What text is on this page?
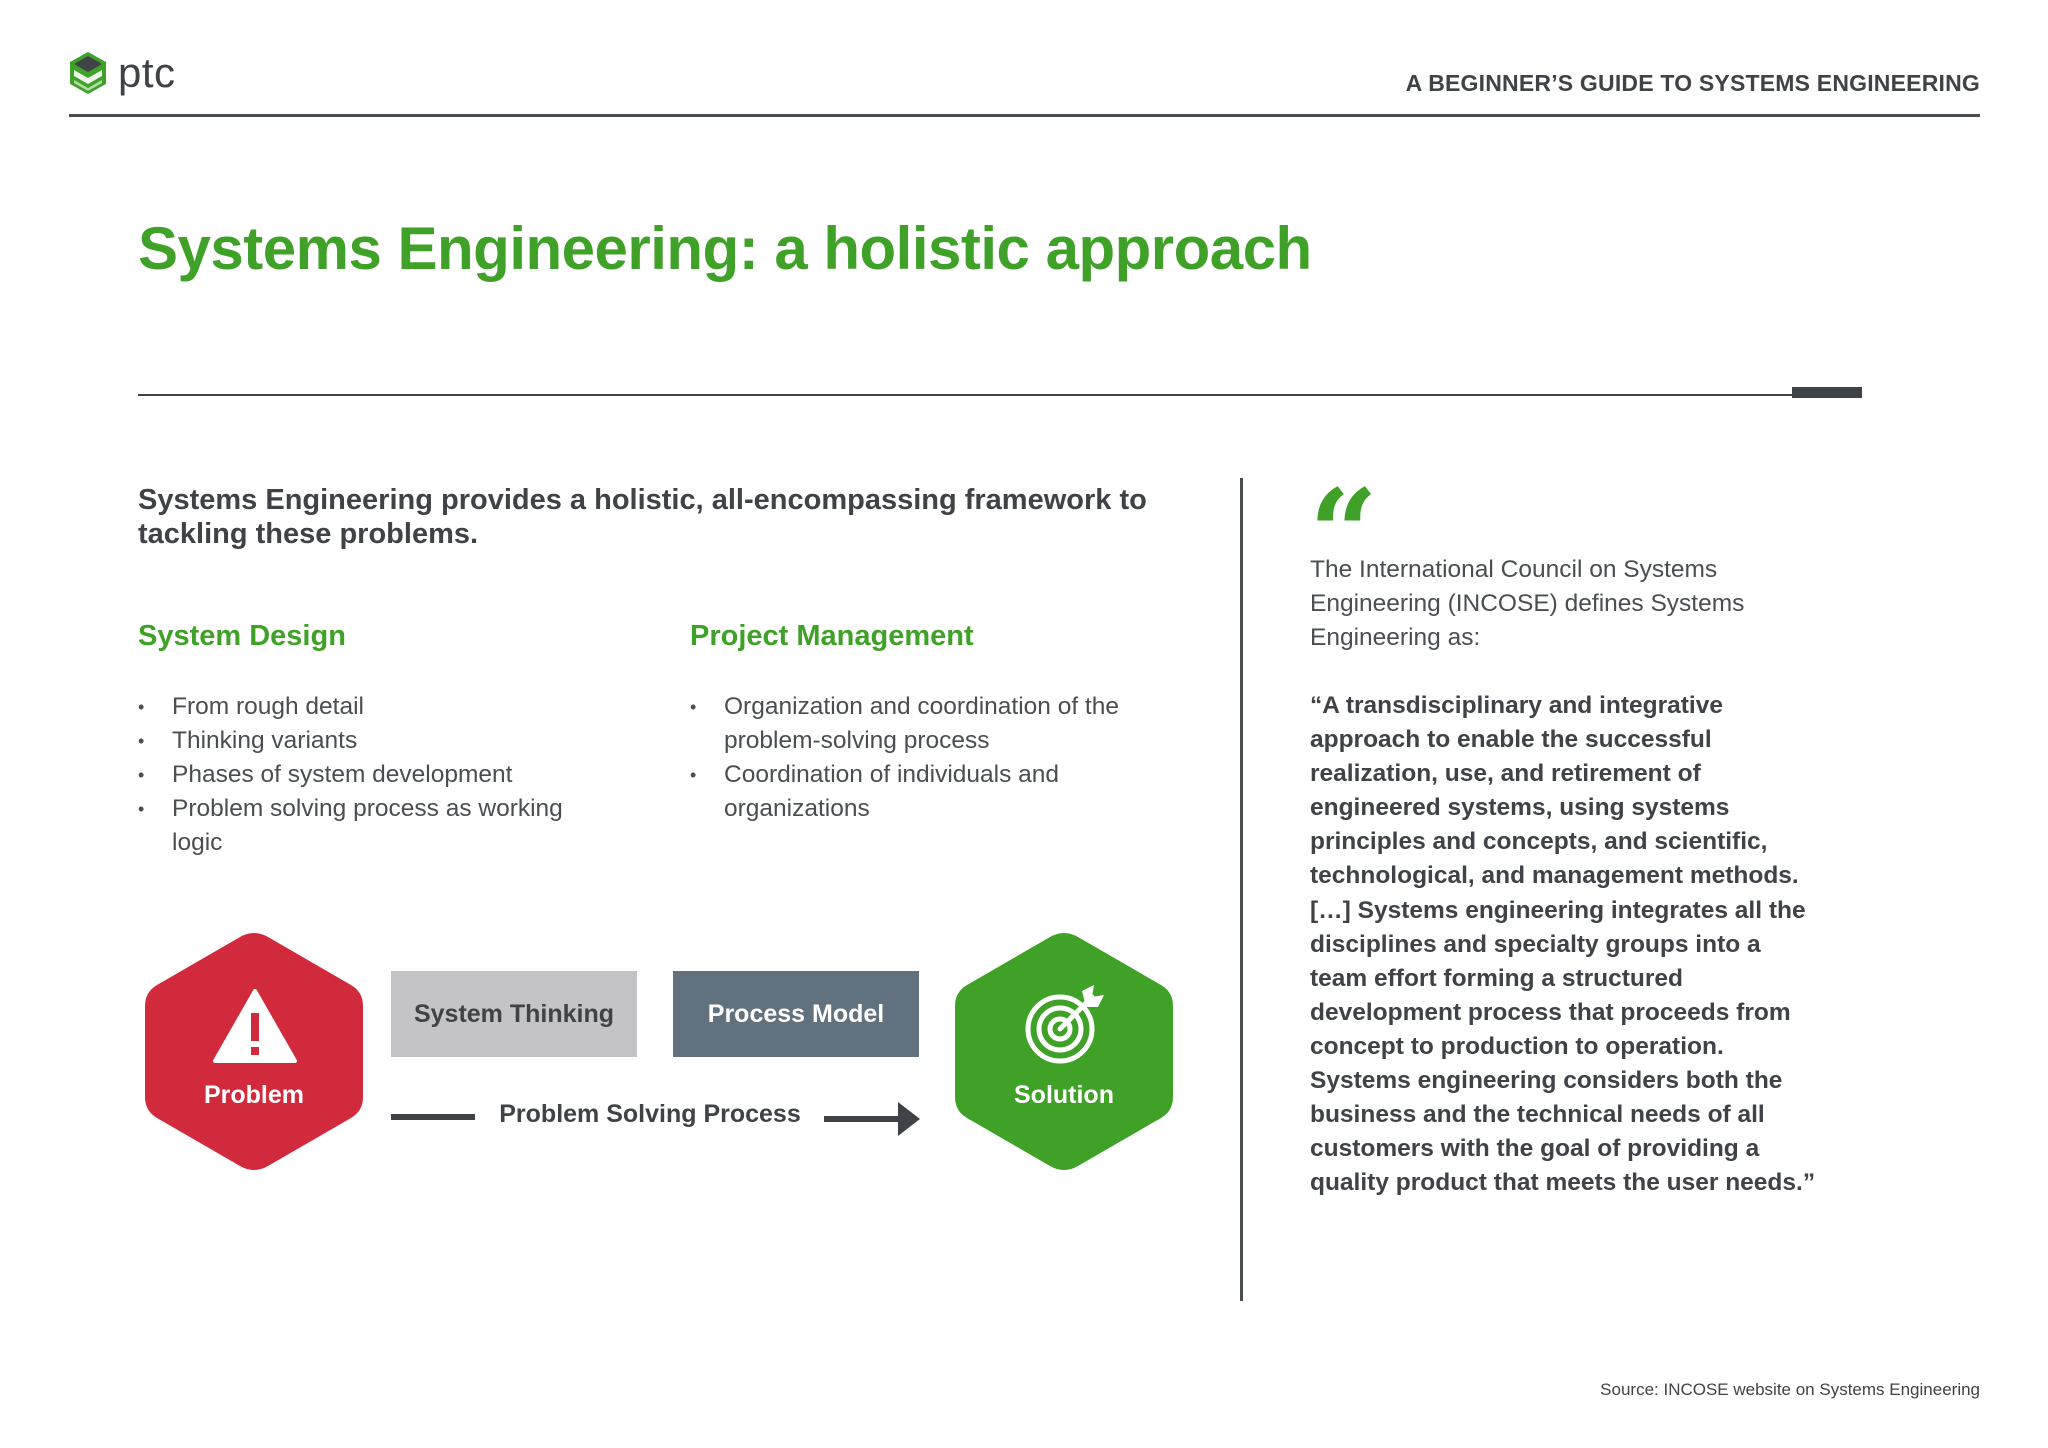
ptc	A BEGINNER’S GUIDE TO SYSTEMS ENGINEERING
Systems Engineering: a holistic approach
Systems Engineering provides a holistic, all-encompassing framework to tackling these problems.
System Design
• From rough detail
• Thinking variants
• Phases of system development
• Problem solving process as working logic
Project Management
• Organization and coordination of the problem-solving process
• Coordination of individuals and organizations
Problem
System Thinking	Process Model
Problem Solving Process
Solution
“
The International Council on Systems Engineering (INCOSE) defines Systems Engineering as:
“A transdisciplinary and integrative approach to enable the successful realization, use, and retirement of engineered systems, using systems principles and concepts, and scientific, technological, and management methods. […] Systems engineering integrates all the disciplines and specialty groups into a team effort forming a structured development process that proceeds from concept to production to operation. Systems engineering considers both the business and the technical needs of all customers with the goal of providing a quality product that meets the user needs.”
Source: INCOSE website on Systems Engineering
